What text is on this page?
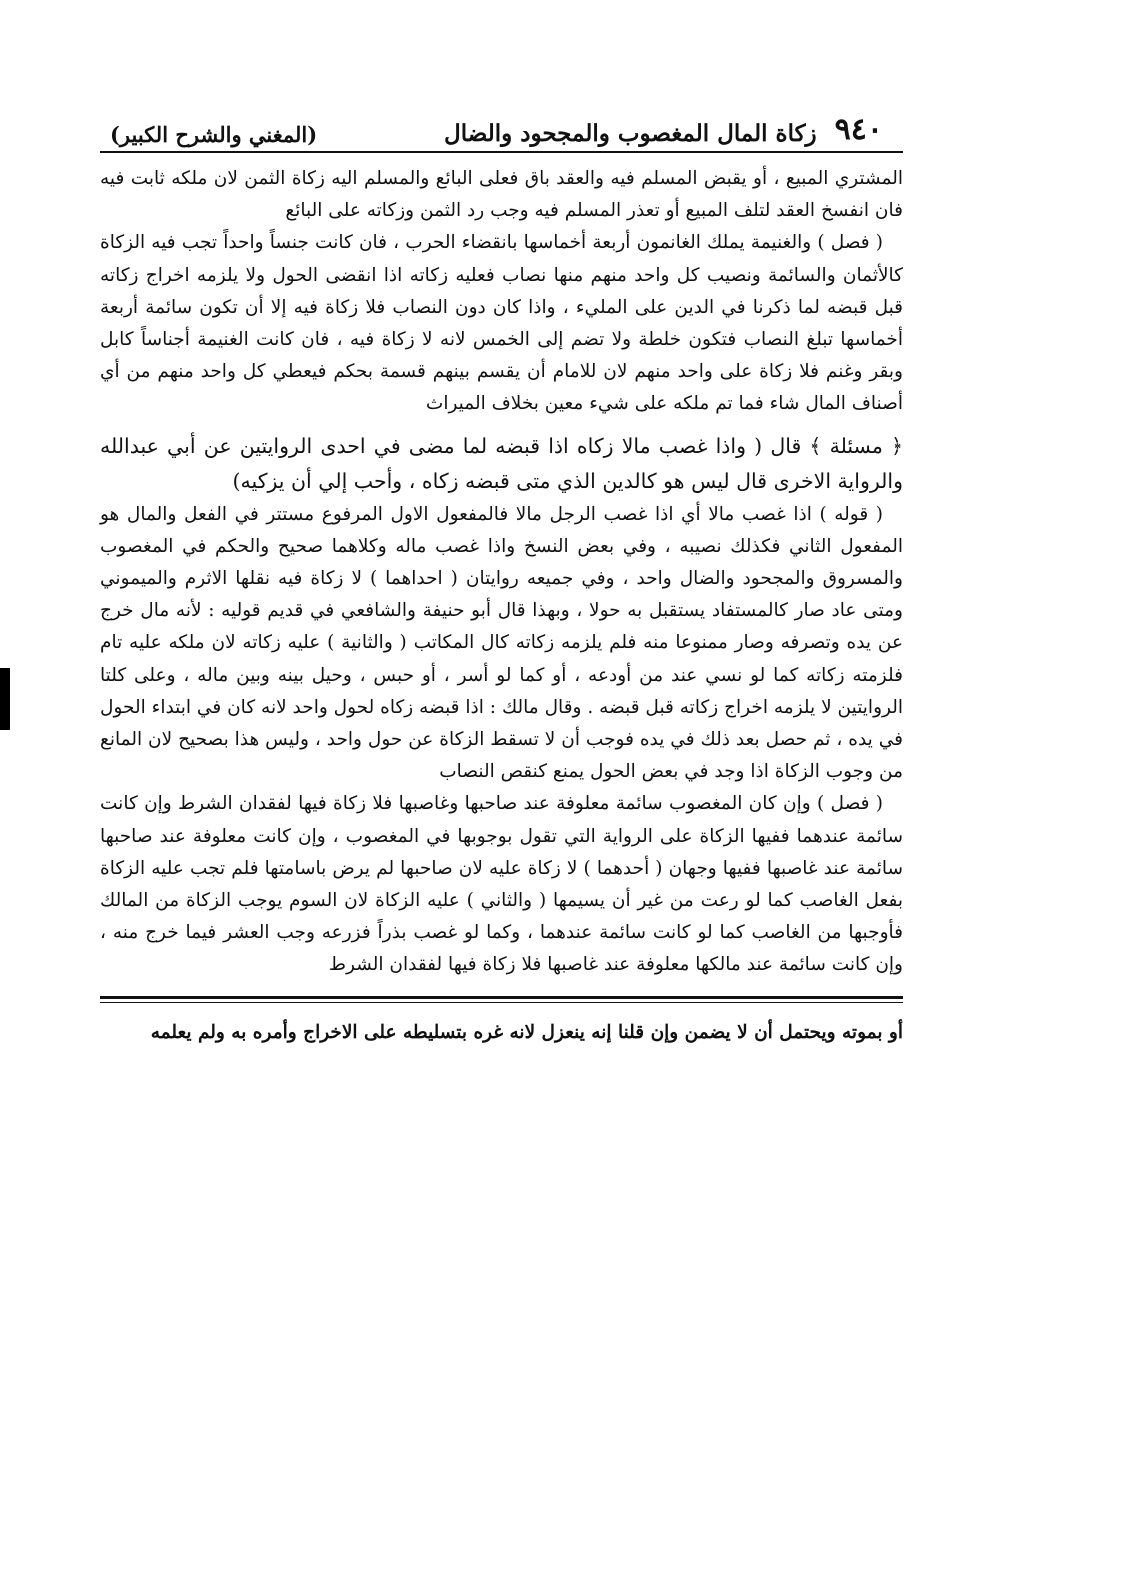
٩٤٠
زكاة المال المغصوب والمجحود والضال
(المغني والشرح الكبير)

المشتري المبيع ، أو يقبض المسلم فيه والعقد باق فعلى البائع والمسلم اليه زكاة الثمن لان ملكه ثابت فيه فان انفسخ العقد لتلف المبيع أو تعذر المسلم فيه وجب رد الثمن وزكاته على البائع

( فصل ) والغنيمة يملك الغانمون أربعة أخماسها بانقضاء الحرب ، فان كانت جنساً واحداً تجب فيه الزكاة كالأثمان والسائمة ونصيب كل واحد منهم منها نصاب فعليه زكاته اذا انقضى الحول ولا يلزمه اخراج زكاته قبل قبضه لما ذكرنا في الدين على المليء ، واذا كان دون النصاب فلا زكاة فيه إلا أن تكون سائمة أربعة أخماسها تبلغ النصاب فتكون خلطة ولا تضم إلى الخمس لانه لا زكاة فيه ، فان كانت الغنيمة أجناساً كابل وبقر وغنم فلا زكاة على واحد منهم لان للامام أن يقسم بينهم قسمة بحكم فيعطي كل واحد منهم من أي أصناف المال شاء فما تم ملكه على شيء معين بخلاف الميراث

﴿ مسئلة ﴾ قال ( واذا غصب مالا زكاه اذا قبضه لما مضى في احدى الروايتين عن أبي عبدالله والرواية الاخرى قال ليس هو كالدين الذي متى قبضه زكاه ، وأحب إلي أن يزكيه)

( قوله ) اذا غصب مالا أي اذا غصب الرجل مالا فالمفعول الاول المرفوع مستتر في الفعل والمال هو المفعول الثاني فكذلك نصيبه ، وفي بعض النسخ واذا غصب ماله وكلاهما صحيح والحكم في المغصوب والمسروق والمجحود والضال واحد ، وفي جميعه روايتان ( احداهما ) لا زكاة فيه نقلها الاثرم والميموني ومتى عاد صار كالمستفاد يستقبل به حولا ، وبهذا قال أبو حنيفة والشافعي في قديم قوليه : لأنه مال خرج عن يده وتصرفه وصار ممنوعا منه فلم يلزمه زكاته كال المكاتب ( والثانية ) عليه زكاته لان ملكه عليه تام فلزمته زكاته كما لو نسي عند من أودعه ، أو كما لو أسر ، أو حبس ، وحيل بينه وبين ماله ، وعلى كلتا الروايتين لا يلزمه اخراج زكاته قبل قبضه . وقال مالك : اذا قبضه زكاه لحول واحد لانه كان في ابتداء الحول في يده ، ثم حصل بعد ذلك في يده فوجب أن لا تسقط الزكاة عن حول واحد ، وليس هذا بصحيح لان المانع من وجوب الزكاة اذا وجد في بعض الحول يمنع كنقص النصاب

( فصل ) وإن كان المغصوب سائمة معلوفة عند صاحبها وغاصبها فلا زكاة فيها لفقدان الشرط وإن كانت سائمة عندهما ففيها الزكاة على الرواية التي تقول بوجوبها في المغصوب ، وإن كانت معلوفة عند صاحبها سائمة عند غاصبها ففيها وجهان ( أحدهما ) لا زكاة عليه لان صاحبها لم يرض باسامتها فلم تجب عليه الزكاة بفعل الغاصب كما لو رعت من غير أن يسيمها ( والثاني ) عليه الزكاة لان السوم يوجب الزكاة من المالك فأوجبها من الغاصب كما لو كانت سائمة عندهما ، وكما لو غصب بذراً فزرعه وجب العشر فيما خرج منه ، وإن كانت سائمة عند مالكها معلوفة عند غاصبها فلا زكاة فيها لفقدان الشرط

أو بموته ويحتمل أن لا يضمن وإن قلنا إنه ينعزل لانه غره بتسليطه على الاخراج وأمره به ولم يعلمه
